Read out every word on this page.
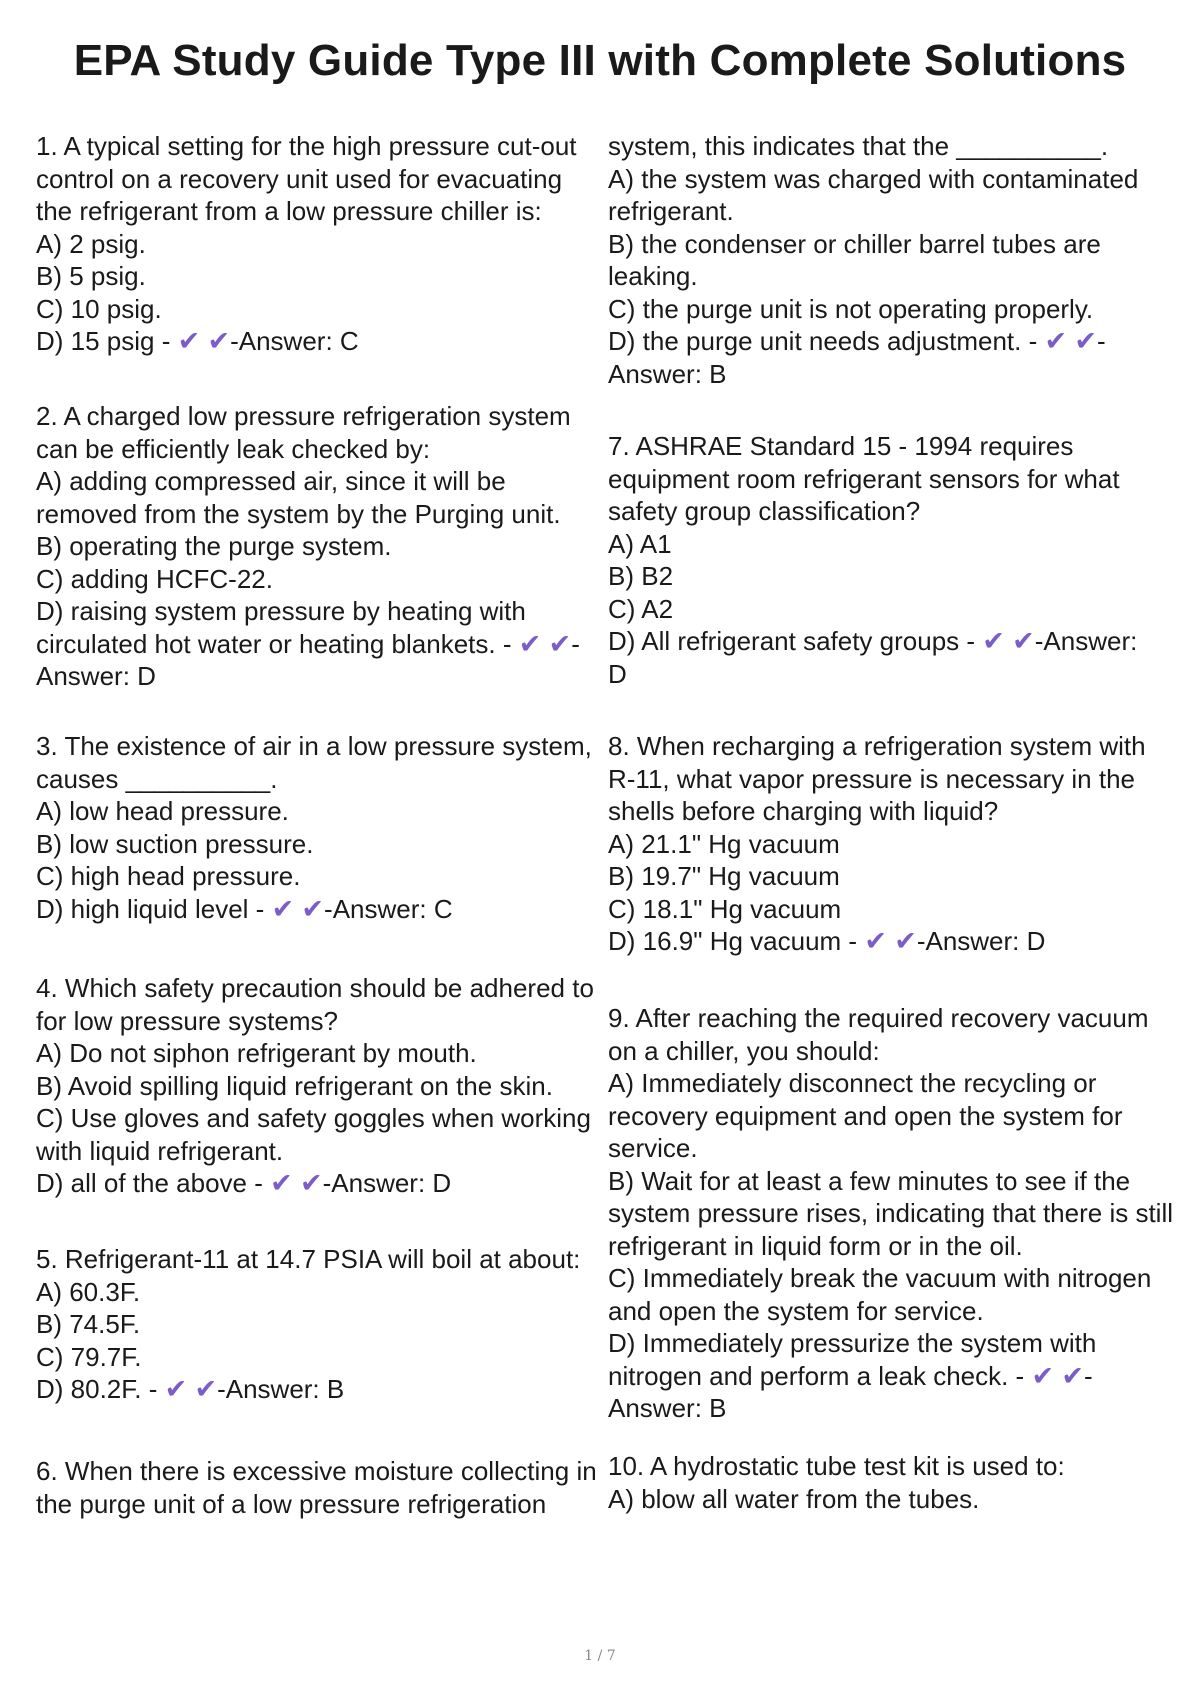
EPA Study Guide Type III with Complete Solutions
1. A typical setting for the high pressure cut-out
control on a recovery unit used for evacuating
the refrigerant from a low pressure chiller is:
A) 2 psig.
B) 5 psig.
C) 10 psig.
D) 15 psig - ✔ ✔-Answer: C
2. A charged low pressure refrigeration system
can be efficiently leak checked by:
A) adding compressed air, since it will be
removed from the system by the Purging unit.
B) operating the purge system.
C) adding HCFC-22.
D) raising system pressure by heating with
circulated hot water or heating blankets. - ✔ ✔-
Answer: D
3. The existence of air in a low pressure system,
causes __________.
A) low head pressure.
B) low suction pressure.
C) high head pressure.
D) high liquid level - ✔ ✔-Answer: C
4. Which safety precaution should be adhered to
for low pressure systems?
A) Do not siphon refrigerant by mouth.
B) Avoid spilling liquid refrigerant on the skin.
C) Use gloves and safety goggles when working
with liquid refrigerant.
D) all of the above - ✔ ✔-Answer: D
5. Refrigerant-11 at 14.7 PSIA will boil at about:
A) 60.3F.
B) 74.5F.
C) 79.7F.
D) 80.2F. - ✔ ✔-Answer: B
6. When there is excessive moisture collecting in
the purge unit of a low pressure refrigeration
system, this indicates that the __________.
A) the system was charged with contaminated
refrigerant.
B) the condenser or chiller barrel tubes are
leaking.
C) the purge unit is not operating properly.
D) the purge unit needs adjustment. - ✔ ✔-
Answer: B
7. ASHRAE Standard 15 - 1994 requires
equipment room refrigerant sensors for what
safety group classification?
A) A1
B) B2
C) A2
D) All refrigerant safety groups - ✔ ✔-Answer:
D
8. When recharging a refrigeration system with
R-11, what vapor pressure is necessary in the
shells before charging with liquid?
A) 21.1" Hg vacuum
B) 19.7" Hg vacuum
C) 18.1" Hg vacuum
D) 16.9" Hg vacuum - ✔ ✔-Answer: D
9. After reaching the required recovery vacuum
on a chiller, you should:
A) Immediately disconnect the recycling or
recovery equipment and open the system for
service.
B) Wait for at least a few minutes to see if the
system pressure rises, indicating that there is still
refrigerant in liquid form or in the oil.
C) Immediately break the vacuum with nitrogen
and open the system for service.
D) Immediately pressurize the system with
nitrogen and perform a leak check. - ✔ ✔-
Answer: B
10. A hydrostatic tube test kit is used to:
A) blow all water from the tubes.
1 / 7
